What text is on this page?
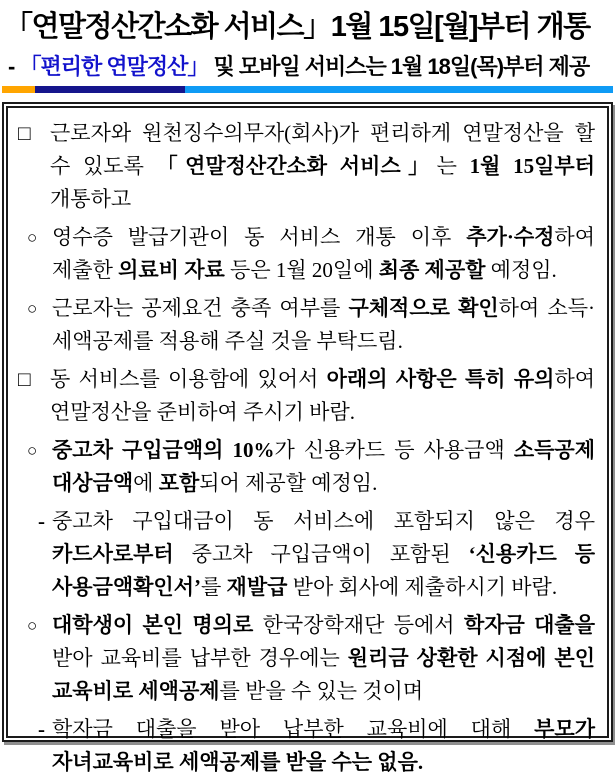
「연말정산간소화 서비스」1월 15일[월]부터 개통
- 「편리한 연말정산」 및 모바일 서비스는 1월 18일(목)부터 제공

□ 근로자와 원천징수의무자(회사)가 편리하게 연말정산을 할 수 있도록 「연말정산간소화 서비스」는 1월 15일부터 개통하고

○ 영수증 발급기관이 동 서비스 개통 이후 추가·수정하여 제출한 의료비 자료 등은 1월 20일에 최종 제공할 예정임.

○ 근로자는 공제요건 충족 여부를 구체적으로 확인하여 소득·세액공제를 적용해 주실 것을 부탁드림.

□ 동 서비스를 이용함에 있어서 아래의 사항은 특히 유의하여 연말정산을 준비하여 주시기 바람.

○ 중고차 구입금액의 10%가 신용카드 등 사용금액 소득공제 대상금액에 포함되어 제공할 예정임.

- 중고차 구입대금이 동 서비스에 포함되지 않은 경우 카드사로부터 중고차 구입금액이 포함된 ‘신용카드 등 사용금액확인서’를 재발급 받아 회사에 제출하시기 바람.

○ 대학생이 본인 명의로 한국장학재단 등에서 학자금 대출을 받아 교육비를 납부한 경우에는 원리금 상환한 시점에 본인 교육비로 세액공제를 받을 수 있는 것이며

- 학자금 대출을 받아 납부한 교육비에 대해 부모가 자녀교육비로 세액공제를 받을 수는 없음.
